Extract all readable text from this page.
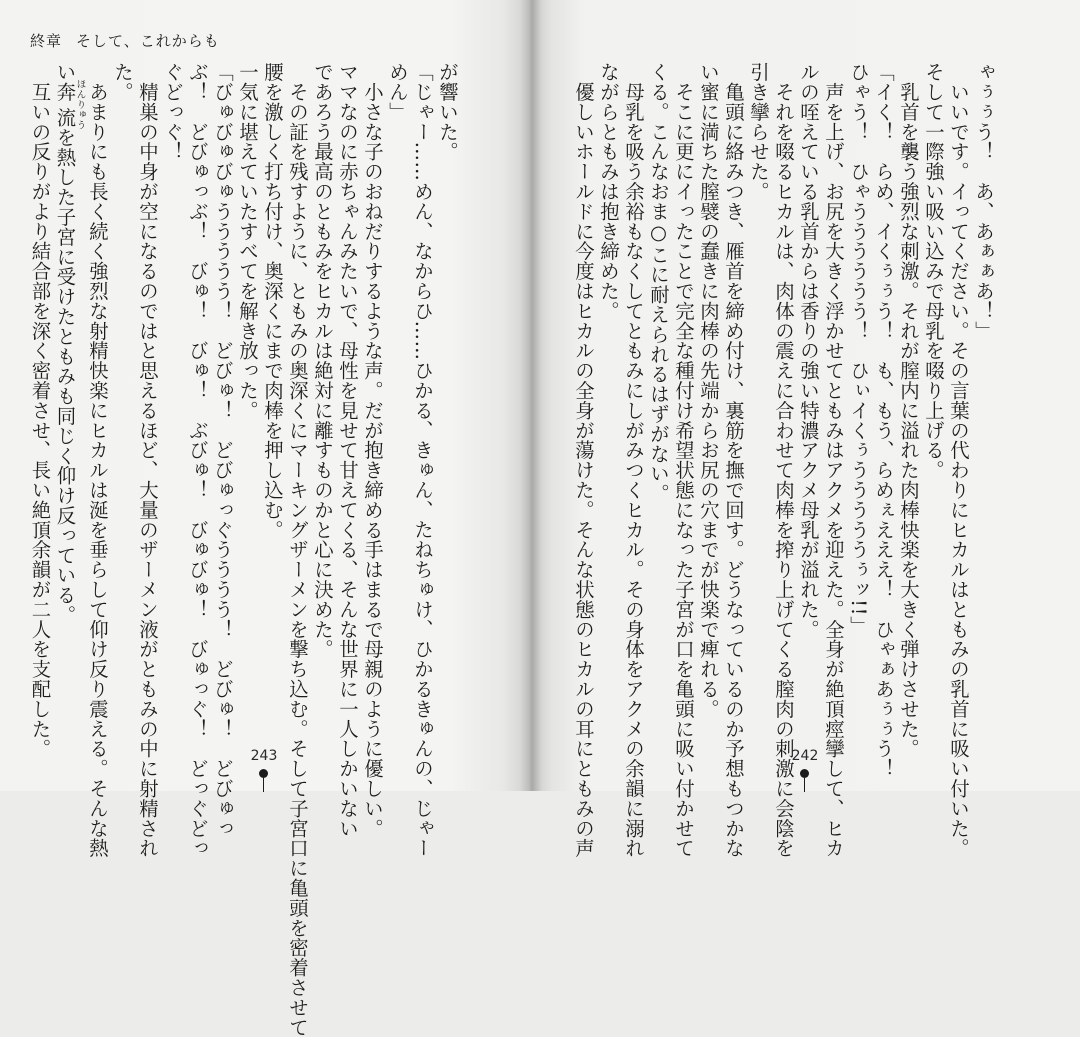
終章 そして、これからも

が響いた。

「じゃー……めん、なからひ……ひかる、きゅん、たねちゅけ、ひかるきゅんの、じゃー

めん」

　小さな子のおねだりするような声。だが抱き締める手はまるで母親のように優しい。

ママなのに赤ちゃんみたいで、母性を見せて甘えてくる、そんな世界に一人しかいない

であろう最高のともみをヒカルは絶対に離すものかと心に決めた。

　その証を残すように、ともみの奥深くにマーキングザーメンを撃ち込む。そして子宮口に亀頭を密着させて

腰を激しく打ち付け、奥深くにまで肉棒を押し込む。

一気に堪えていたすべてを解き放った。

「びゅびゅびゅううううう！　どびゅ！　どびゅっぐうううう！　どびゅ！　どびゅっ

ぶ！　どびゅっぶ！　びゅ！　びゅ！　ぶびゅ！　びゅびゅ！　びゅっぐ！　どっぐどっ

ぐどっぐ！

　精巣の中身が空になるのではと思えるほど、大量のザーメン液がともみの中に射精され

た。

　あまりにも長く続く強烈な射精快楽にヒカルは涎を垂らして仰け反り震える。そんな熱

い奔流ほんりゅうを熱した子宮に受けたともみも同じく仰け反っている。

　互いの反りがより結合部を深く密着させ、長い絶頂余韻が二人を支配した。	243

ゃぅぅう！　あ、あぁぁあ！」

　いいです。イってください。その言葉の代わりにヒカルはともみの乳首に吸い付いた。

そして一際強い吸い込みで母乳を啜り上げる。

　乳首を襲う強烈な刺激。それが膣内に溢れた肉棒快楽を大きく弾けさせた。

「イく！　らめ、イくぅぅう！　も、もう、らめぇえええ！　ひゃぁあぅぅう！

ひゃう！　ひゃうううううう！　ひぃイくぅうううううぅッ!!」

　声を上げ、お尻を大きく浮かせてともみはアクメを迎えた。全身が絶頂痙攣して、ヒカ

ルの咥えている乳首からは香りの強い特濃アクメ母乳が溢れた。

　それを啜るヒカルは、肉体の震えに合わせて肉棒を搾り上げてくる膣肉の刺激に会陰を

引き攣らせた。

　亀頭に絡みつき、雁首を締め付け、裏筋を撫で回す。どうなっているのか予想もつかな

い蜜に満ちた膣襞の蠢きに肉棒の先端からお尻の穴までが快楽で痺れる。

　そこに更にイったことで完全な種付け希望状態になった子宮が口を亀頭に吸い付かせて

くる。こんなおま○こに耐えられるはずがない。

　母乳を吸う余裕もなくしてともみにしがみつくヒカル。その身体をアクメの余韻に溺れ

ながらともみは抱き締めた。

　優しいホールドに今度はヒカルの全身が蕩けた。そんな状態のヒカルの耳にともみの声	242
